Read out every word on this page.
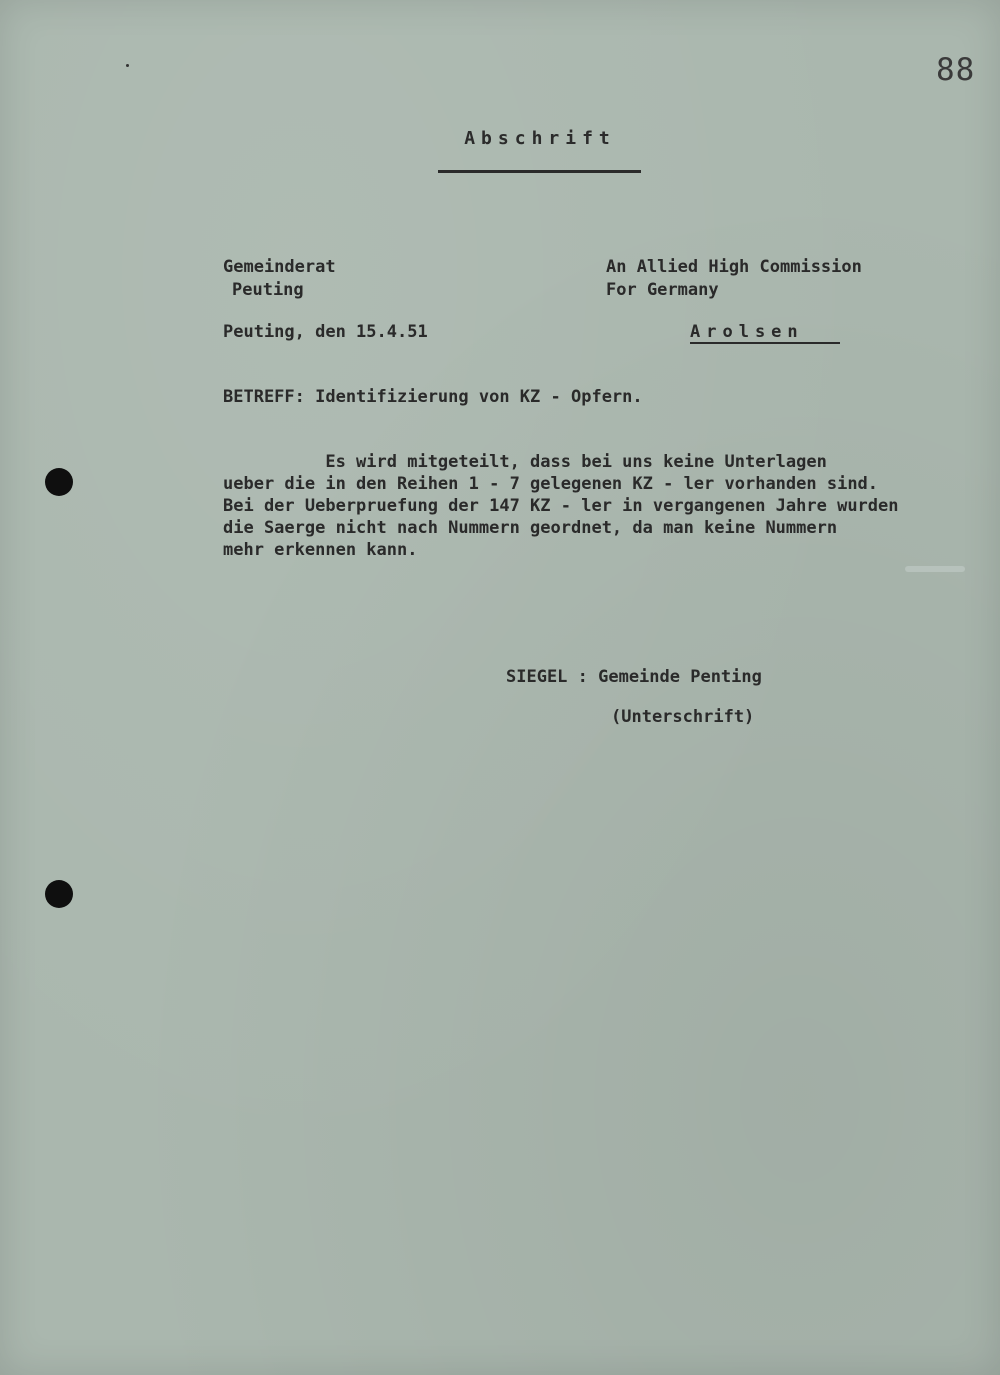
88
Abschrift
Gemeinderat
Peuting
An Allied High Commission
For Germany
Peuting, den 15.4.51	Arolsen
BETREFF: Identifizierung von KZ - Opfern.
Es wird mitgeteilt, dass bei uns keine Unterlagen
ueber die in den Reihen 1 - 7 gelegenen KZ - ler vorhanden sind.
Bei der Ueberpruefung der 147 KZ - ler in vergangenen Jahre wurden
die Saerge nicht nach Nummern geordnet, da man keine Nummern
mehr erkennen kann.
SIEGEL : Gemeinde Penting
(Unterschrift)
